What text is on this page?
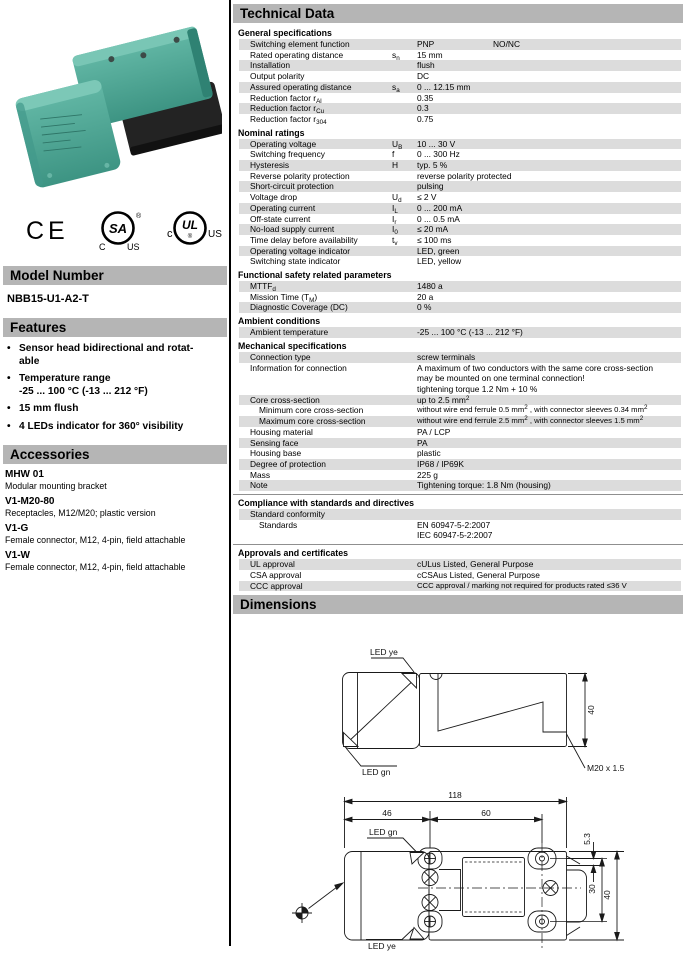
CE	SA
®
C US
UL
®
c	US
Model Number
NBB15-U1-A2-T
Features
• Sensor head bidirectional and rotat-
able
• Temperature range
-25 ... 100 °C (-13 ... 212 °F)
• 15 mm flush
• 4 LEDs indicator for 360° visibility
Accessories
MHW 01
Modular mounting bracket
V1-M20-80
Receptacles, M12/M20; plastic version
V1-G
Female connector, M12, 4-pin, field attachable
V1-W
Female connector, M12, 4-pin, field attachable
Technical Data
General specifications
Switching element function	PNP	NO/NC
Rated operating distance	$s_n$	15 mm
Installation	flush
Output polarity	DC
Assured operating distance	$s_a$	0 ... 12.15 mm
Reduction factor $r_{Al}$	0.35
Reduction factor $r_{Cu}$	0.3
Reduction factor $r_{304}$	0.75
Nominal ratings
Operating voltage	$U_B$	10 ... 30 V
Switching frequency	f	0 ... 300 Hz
Hysteresis	H	typ. 5 %
Reverse polarity protection	reverse polarity protected
Short-circuit protection	pulsing
Voltage drop	$U_d$	≤ 2 V
Operating current	$I_L$	0 ... 200 mA
Off-state current	$I_r$	0 ... 0.5 mA
No-load supply current	$I_0$	≤ 20 mA
Time delay before availability	$t_v$	≤ 100 ms
Operating voltage indicator	LED, green
Switching state indicator	LED, yellow
Functional safety related parameters
$MTTF_d$	1480 a
Mission Time $(T_M)$	20 a
Diagnostic Coverage (DC)	0 %
Ambient conditions
Ambient temperature	-25 ... 100 °C (-13 ... 212 °F)
Mechanical specifications
Connection type	screw terminals
Information for connection	A maximum of two conductors with the same core cross-section
may be mounted on one terminal connection!
tightening torque 1.2 Nm + 10 %
Core cross-section	up to 2.5 $mm^2$
Minimum core cross-section	without wire end ferrule 0.5 $mm^2$ , with connector sleeves 0.34 $mm^2$
Maximum core cross-section	without wire end ferrule 2.5 $mm^2$ , with connector sleeves 1.5 $mm^2$
Housing material	PA / LCP
Sensing face	PA
Housing base	plastic
Degree of protection	IP68 / IP69K
Mass	225 g
Note	Tightening torque: 1.8 Nm (housing)
Compliance with standards and directives
Standard conformity
Standards	EN 60947-5-2:2007
IEC 60947-5-2:2007
Approvals and certificates
UL approval	cULus Listed, General Purpose
CSA approval	cCSAus Listed, General Purpose
CCC approval	CCC approval / marking not required for products rated ≤36 V
Dimensions
LED ye
LED gn
40
M20 x 1.5
118
46	60
LED gn
LED ye
5.3
30
40
